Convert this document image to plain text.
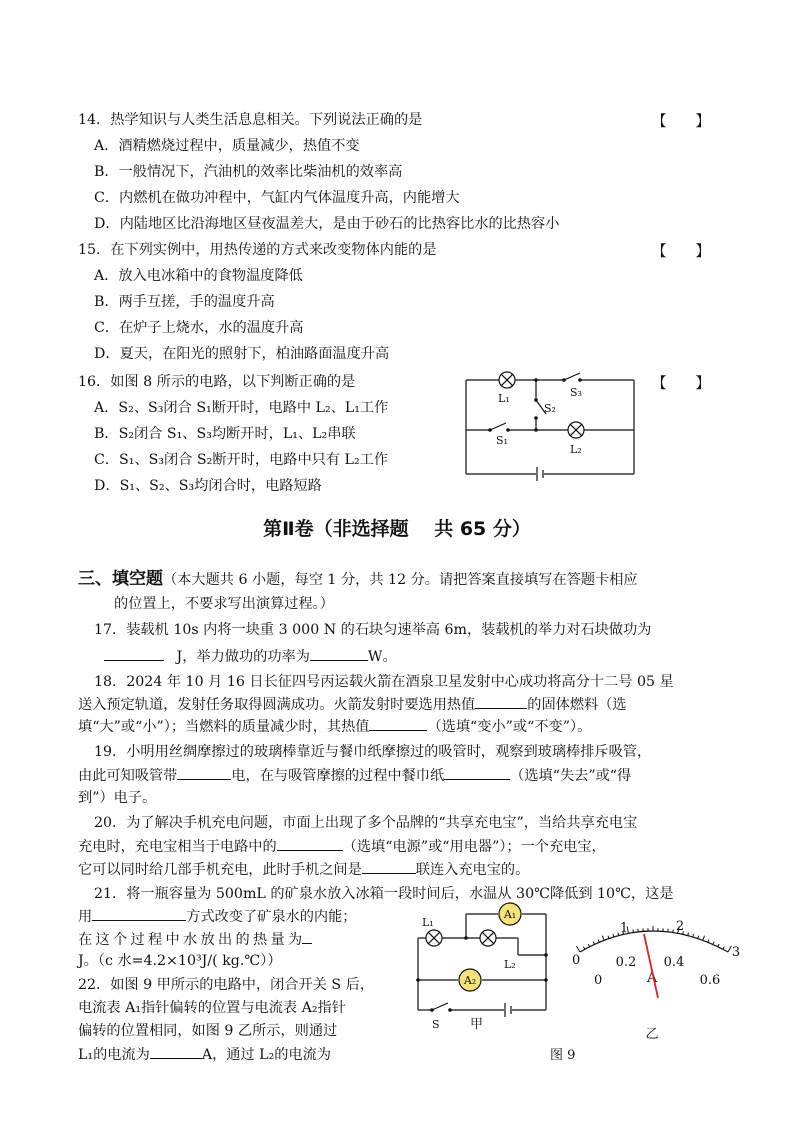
14．热学知识与人类生活息息相关。下列说法正确的是	【　　】
A．酒精燃烧过程中，质量减少，热值不变
B．一般情况下，汽油机的效率比柴油机的效率高
C．内燃机在做功冲程中，气缸内气体温度升高，内能增大
D．内陆地区比沿海地区昼夜温差大，是由于砂石的比热容比水的比热容小
15．在下列实例中，用热传递的方式来改变物体内能的是	【　　】
A．放入电冰箱中的食物温度降低
B．两手互搓，手的温度升高
C．在炉子上烧水，水的温度升高
D．夏天，在阳光的照射下，柏油路面温度升高
16．如图 8 所示的电路，以下判断正确的是	【　　】
A．S₂、S₃闭合 S₁断开时，电路中 L₂、L₁工作
B．S₂闭合 S₁、S₃均断开时，L₁、L₂串联
C．S₁、S₃闭合 S₂断开时，电路中只有 L₂工作
D．S₁、S₂、S₃均闭合时，电路短路
L₁
L₂
S₁
S₂
S₃
第Ⅱ卷（非选择题　 共 65 分）
三、填空题（本大题共 6 小题，每空 1 分，共 12 分。请把答案直接填写在答题卡相应
的位置上，不要求写出演算过程。）
17．装载机 10s 内将一块重 3 000 N 的石块匀速举高 6m，装载机的举力对石块做功为
J，举力做功的功率为	W。
18．2024 年 10 月 16 日长征四号丙运载火箭在酒泉卫星发射中心成功将高分十二号 05 星
送入预定轨道，发射任务取得圆满成功。火箭发射时要选用热值	的固体燃料（选
填“大”或“小”）；当燃料的质量减少时，其热值	（选填“变小”或“不变”）。
19．小明用丝绸摩擦过的玻璃棒靠近与餐巾纸摩擦过的吸管时，观察到玻璃棒排斥吸管，
由此可知吸管带	电，在与吸管摩擦的过程中餐巾纸	（选填“失去”或“得
到”）电子。
20．为了解决手机充电问题，市面上出现了多个品牌的“共享充电宝”，当给共享充电宝
充电时，充电宝相当于电路中的	（选填“电源”或“用电器”）；一个充电宝，
它可以同时给几部手机充电，此时手机之间是	联连入充电宝的。
21．将一瓶容量为 500mL 的矿泉水放入冰箱一段时间后，水温从 30℃降低到 10℃，这是
用	方式改变了矿泉水的内能；
在 这 个 过 程 中 水 放 出 的 热 量 为
J。（c 水=4.2×10³J/( kg.℃））
22．如图 9 甲所示的电路中，闭合开关 S 后，
电流表 A₁指针偏转的位置与电流表 A₂指针
偏转的位置相同，如图 9 乙所示，则通过
L₁的电流为	A，通过 L₂的电流为
A₁
A₂
L₁
L₂
S 甲
1	2
3
0
0
0.2 0.4
0.6
A
乙
图 9
